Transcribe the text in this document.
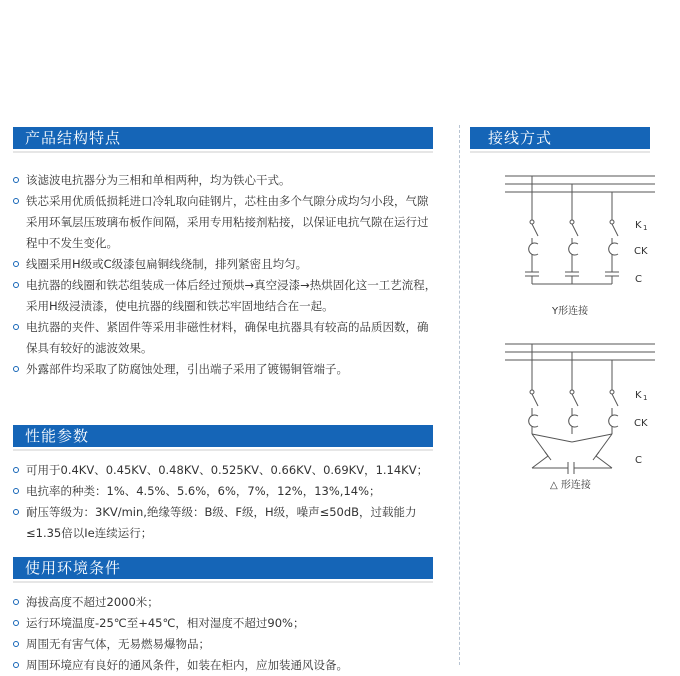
产品结构特点
该滤波电抗器分为三相和单相两种，均为铁心干式。
铁芯采用优质低损耗进口冷轧取向硅钢片，芯柱由多个气隙分成均匀小段，气隙采用环氧层压玻璃布板作间隔，采用专用粘接剂粘接，以保证电抗气隙在运行过程中不发生变化。
线圈采用H级或C级漆包扁铜线绕制，排列紧密且均匀。
电抗器的线圈和铁芯组装成一体后经过预烘→真空浸漆→热烘固化这一工艺流程，采用H级浸渍漆，使电抗器的线圈和铁芯牢固地结合在一起。
电抗器的夹件、紧固件等采用非磁性材料，确保电抗器具有较高的品质因数，确保具有较好的滤波效果。
外露部件均采取了防腐蚀处理，引出端子采用了镀锡铜管端子。
性能参数
可用于0.4KV、0.45KV、0.48KV、0.525KV、0.66KV、0.69KV，1.14KV；
电抗率的种类：1%、4.5%、5.6%，6%，7%，12%，13%,14%；
耐压等级为：3KV/min,绝缘等级：B级、F级，H级，噪声≤50dB，过载能力≤1.35倍以Ie连续运行；
使用环境条件
海拔高度不超过2000米；
运行环境温度-25℃至+45℃，相对湿度不超过90%；
周围无有害气体，无易燃易爆物品；
周围环境应有良好的通风条件，如装在柜内，应加装通风设备。
接线方式
K 1
CK
C
Y形连接
K 1
CK
C
△ 形连接
